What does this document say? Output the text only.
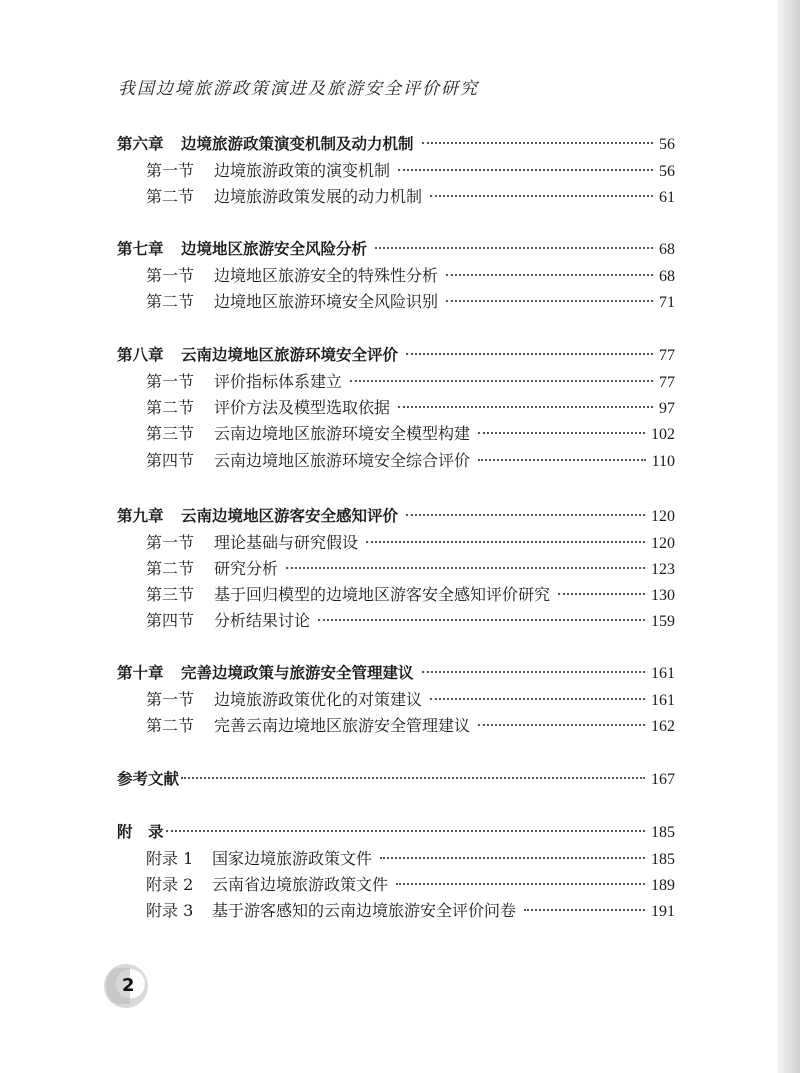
我国边境旅游政策演进及旅游安全评价研究
第六章	边境旅游政策演变机制及动力机制	56
第一节	边境旅游政策的演变机制	56
第二节	边境旅游政策发展的动力机制	61
第七章	边境地区旅游安全风险分析	68
第一节	边境地区旅游安全的特殊性分析	68
第二节	边境地区旅游环境安全风险识别	71
第八章	云南边境地区旅游环境安全评价	77
第一节	评价指标体系建立	77
第二节	评价方法及模型选取依据	97
第三节	云南边境地区旅游环境安全模型构建	102
第四节	云南边境地区旅游环境安全综合评价	110
第九章	云南边境地区游客安全感知评价	120
第一节	理论基础与研究假设	120
第二节	研究分析	123
第三节	基于回归模型的边境地区游客安全感知评价研究	130
第四节	分析结果讨论	159
第十章	完善边境政策与旅游安全管理建议	161
第一节	边境旅游政策优化的对策建议	161
第二节	完善云南边境地区旅游安全管理建议	162
参考文献	167
附　录	185
附录 1	国家边境旅游政策文件	185
附录 2	云南省边境旅游政策文件	189
附录 3	基于游客感知的云南边境旅游安全评价问卷	191
2
